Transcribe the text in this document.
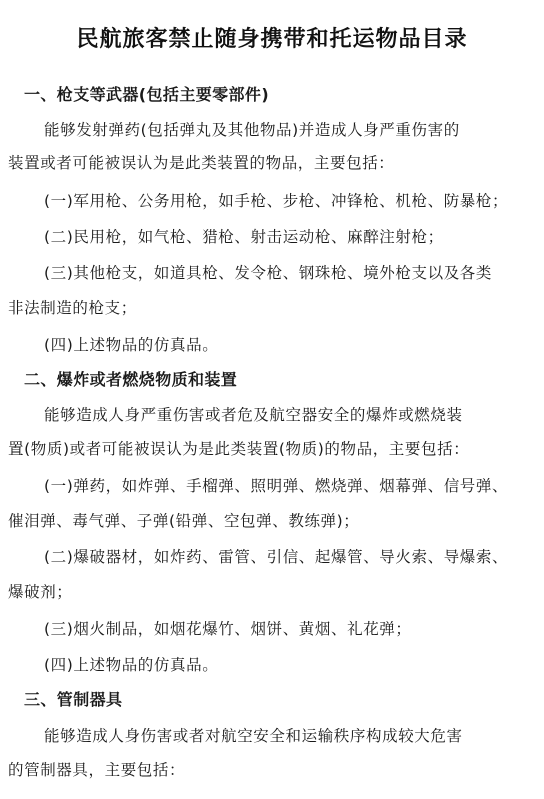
民航旅客禁止随身携带和托运物品目录
一、枪支等武器(包括主要零部件)
能够发射弹药(包括弹丸及其他物品)并造成人身严重伤害的
装置或者可能被误认为是此类装置的物品，主要包括：
(一)军用枪、公务用枪，如手枪、步枪、冲锋枪、机枪、防暴枪；
(二)民用枪，如气枪、猎枪、射击运动枪、麻醉注射枪；
(三)其他枪支，如道具枪、发令枪、钢珠枪、境外枪支以及各类
非法制造的枪支；
(四)上述物品的仿真品。
二、爆炸或者燃烧物质和装置
能够造成人身严重伤害或者危及航空器安全的爆炸或燃烧装
置(物质)或者可能被误认为是此类装置(物质)的物品，主要包括：
(一)弹药，如炸弹、手榴弹、照明弹、燃烧弹、烟幕弹、信号弹、
催泪弹、毒气弹、子弹(铅弹、空包弹、教练弹)；
(二)爆破器材，如炸药、雷管、引信、起爆管、导火索、导爆索、
爆破剂；
(三)烟火制品，如烟花爆竹、烟饼、黄烟、礼花弹；
(四)上述物品的仿真品。
三、管制器具
能够造成人身伤害或者对航空安全和运输秩序构成较大危害
的管制器具，主要包括：
